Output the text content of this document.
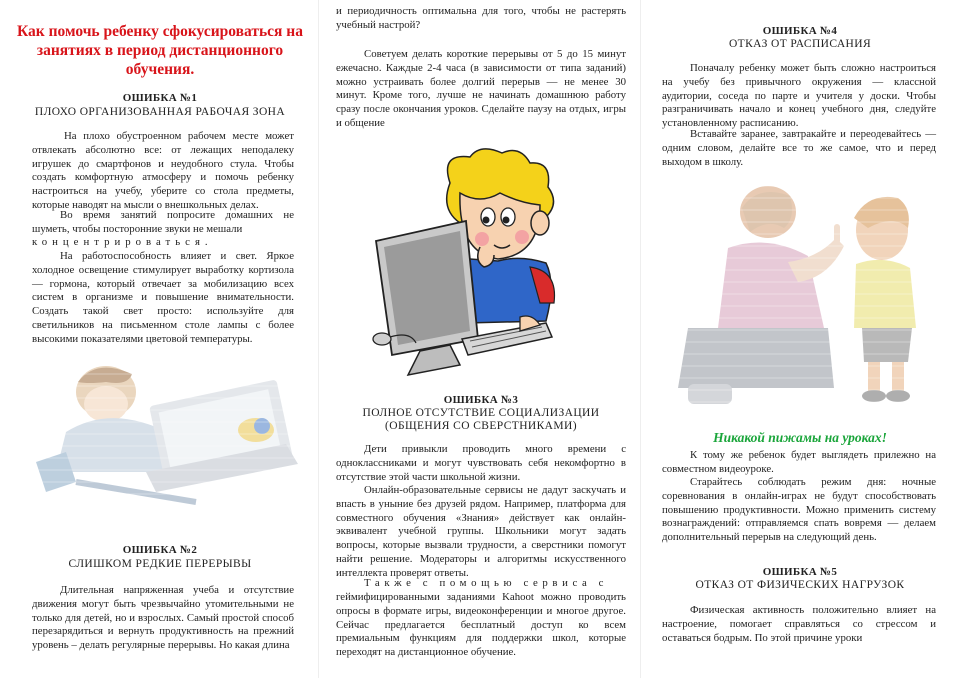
Как помочь ребенку сфокусироваться на занятиях в период дистанционного обучения.
ОШИБКА №1
ПЛОХО ОРГАНИЗОВАННАЯ РАБОЧАЯ ЗОНА

На плохо обустроенном рабочем месте может отвлекать абсолютно все: от лежащих неподалеку игрушек до смартфонов и неудобного стула. Чтобы создать комфортную атмосферу и помочь ребенку настроиться на учебу, уберите со стола предметы, которые наводят на мысли о внешкольных делах.

Во время занятий попросите домашних не шуметь, чтобы посторонние звуки не мешали

концентрироваться.

На работоспособность влияет и свет. Яркое холодное освещение стимулирует выработку кортизола — гормона, который отвечает за мобилизацию всех систем в организме и повышение внимательности. Создать такой свет просто: используйте для светильников на письменном столе лампы с более высокими показателями цветовой температуры.

ОШИБКА №2
СЛИШКОМ РЕДКИЕ ПЕРЕРЫВЫ

Длительная напряженная учеба и отсутствие движения могут быть чрезвычайно утомительными не только для детей, но и взрослых. Самый простой способ перезарядиться и вернуть продуктивность на прежний уровень – делать регулярные перерывы. Но какая длина

и периодичность оптимальна для того, чтобы не растерять учебный настрой?

Советуем делать короткие перерывы от 5 до 15 минут ежечасно. Каждые 2-4 часа (в зависимости от типа заданий) можно устраивать более долгий перерыв — не менее 30 минут. Кроме того, лучше не начинать домашнюю работу сразу после окончания уроков. Сделайте паузу на отдых, игры и общение

ОШИБКА №3
ПОЛНОЕ ОТСУТСТВИЕ СОЦИАЛИЗАЦИИ
(ОБЩЕНИЯ СО СВЕРСТНИКАМИ)

Дети привыкли проводить много времени с одноклассниками и могут чувствовать себя некомфортно в отсутствие этой части школьной жизни.

Онлайн-образовательные сервисы не дадут заскучать и впасть в уныние без друзей рядом. Например, платформа для совместного обучения «Знания» действует как онлайн-эквивалент учебной группы. Школьники могут задать вопросы, которые вызвали трудности, а сверстники помогут найти решение. Модераторы и алгоритмы искусственного интеллекта проверят ответы.

Также с помощью сервиса с

геймифицированными заданиями Kahoot можно проводить опросы в формате игры, видеоконференции и многое другое. Сейчас предлагается бесплатный доступ ко всем премиальным функциям для поддержки школ, которые переходят на дистанционное обучение.

ОШИБКА №4
ОТКАЗ ОТ РАСПИСАНИЯ

Поначалу ребенку может быть сложно настроиться на учебу без привычного окружения — классной аудитории, соседа по парте и учителя у доски. Чтобы разграничивать начало и конец учебного дня, следуйте установленному расписанию.

Вставайте заранее, завтракайте и переодевайтесь — одним словом, делайте все то же самое, что и перед выходом в школу.

Никакой пижамы на уроках!

К тому же ребенок будет выглядеть прилежно на совместном видеоуроке.

Старайтесь соблюдать режим дня: ночные соревнования в онлайн-играх не будут способствовать повышению продуктивности. Можно применить систему вознаграждений: отправляемся спать вовремя — делаем дополнительный перерыв на следующий день.

ОШИБКА №5
ОТКАЗ ОТ ФИЗИЧЕСКИХ НАГРУЗОК

Физическая активность положительно влияет на настроение, помогает справляться со стрессом и оставаться бодрым. По этой причине уроки
